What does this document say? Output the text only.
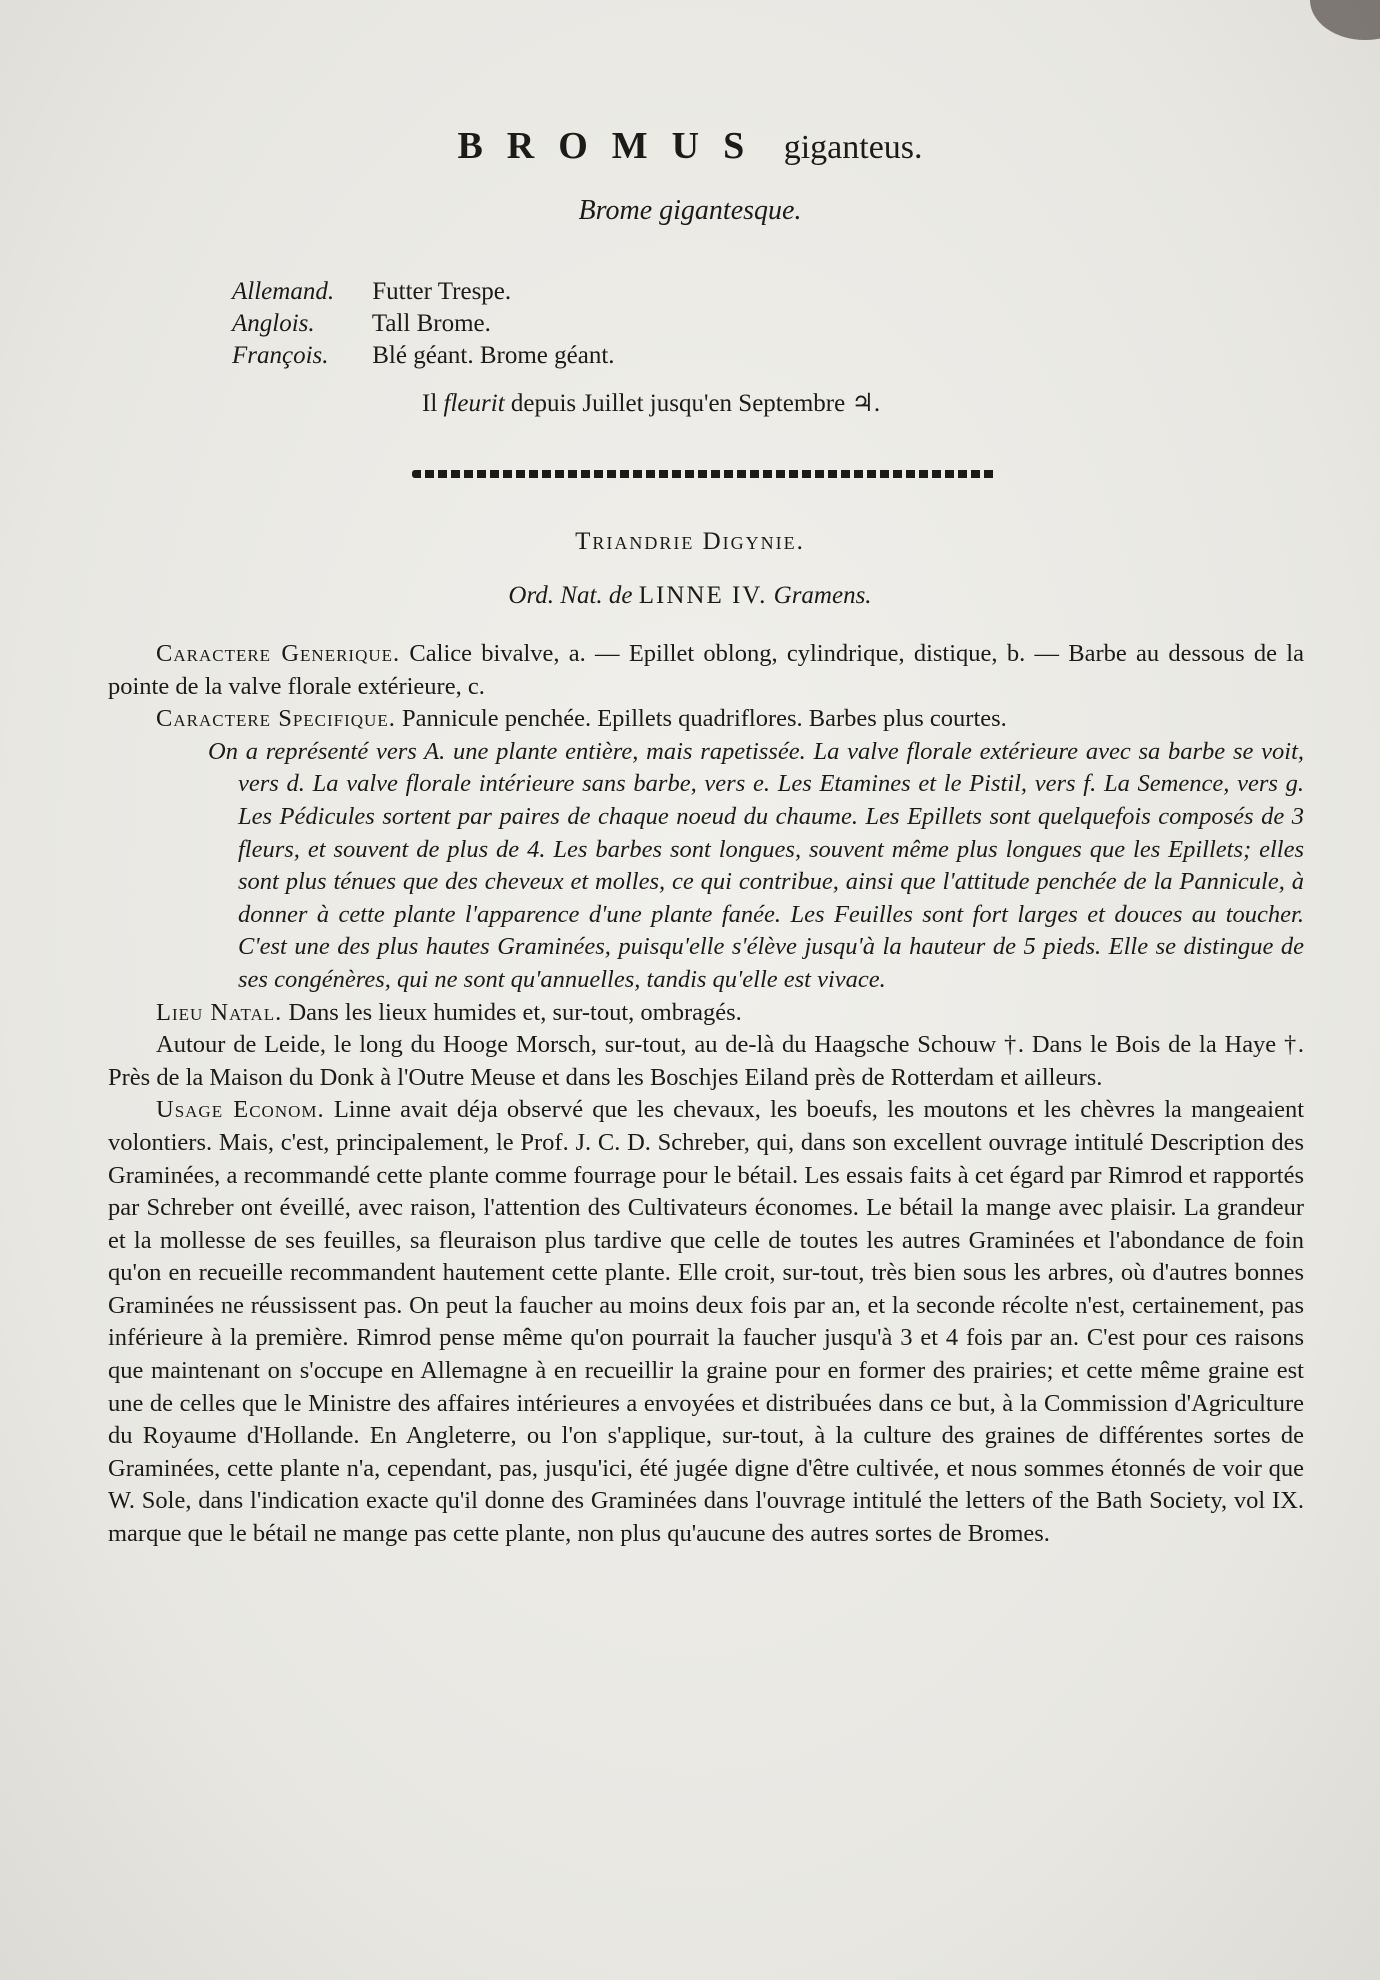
BROMUS giganteus.
Brome gigantesque.
Allemand. Futter Trespe.
Anglois. Tall Brome.
François. Blé géant. Brome géant.
Il fleurit depuis Juillet jusqu'en Septembre ♃.
Triandrie Digynie.
Ord. Nat. de LINNE IV. Gramens.

Caractere Generique. Calice bivalve, a. — Epillet oblong, cylindrique, distique, b. — Barbe au dessous de la pointe de la valve florale extérieure, c.

Caractere Specifique. Pannicule penchée. Epillets quadriflores. Barbes plus courtes.

On a représenté vers A. une plante entière, mais rapetissée. La valve florale extérieure avec sa barbe se voit, vers d. La valve florale intérieure sans barbe, vers e. Les Etamines et le Pistil, vers f. La Semence, vers g. Les Pédicules sortent par paires de chaque noeud du chaume. Les Epillets sont quelquefois composés de 3 fleurs, et souvent de plus de 4. Les barbes sont longues, souvent même plus longues que les Epillets; elles sont plus ténues que des cheveux et molles, ce qui contribue, ainsi que l'attitude penchée de la Pannicule, à donner à cette plante l'apparence d'une plante fanée. Les Feuilles sont fort larges et douces au toucher. C'est une des plus hautes Graminées, puisqu'elle s'élève jusqu'à la hauteur de 5 pieds. Elle se distingue de ses congénères, qui ne sont qu'annuelles, tandis qu'elle est vivace.

Lieu Natal. Dans les lieux humides et, sur-tout, ombragés.

Autour de Leide, le long du Hooge Morsch, sur-tout, au de-là du Haagsche Schouw †. Dans le Bois de la Haye †. Près de la Maison du Donk à l'Outre Meuse et dans les Boschjes Eiland près de Rotterdam et ailleurs.

Usage Econom. Linne avait déja observé que les chevaux, les boeufs, les moutons et les chèvres la mangeaient volontiers. Mais, c'est, principalement, le Prof. J. C. D. Schreber, qui, dans son excellent ouvrage intitulé Description des Graminées, a recommandé cette plante comme fourrage pour le bétail. Les essais faits à cet égard par Rimrod et rapportés par Schreber ont éveillé, avec raison, l'attention des Cultivateurs économes. Le bétail la mange avec plaisir. La grandeur et la mollesse de ses feuilles, sa fleuraison plus tardive que celle de toutes les autres Graminées et l'abondance de foin qu'on en recueille recommandent hautement cette plante. Elle croit, sur-tout, très bien sous les arbres, où d'autres bonnes Graminées ne réussissent pas. On peut la faucher au moins deux fois par an, et la seconde récolte n'est, certainement, pas inférieure à la première. Rimrod pense même qu'on pourrait la faucher jusqu'à 3 et 4 fois par an. C'est pour ces raisons que maintenant on s'occupe en Allemagne à en recueillir la graine pour en former des prairies; et cette même graine est une de celles que le Ministre des affaires intérieures a envoyées et distribuées dans ce but, à la Commission d'Agriculture du Royaume d'Hollande. En Angleterre, ou l'on s'applique, sur-tout, à la culture des graines de différentes sortes de Graminées, cette plante n'a, cependant, pas, jusqu'ici, été jugée digne d'être cultivée, et nous sommes étonnés de voir que W. Sole, dans l'indication exacte qu'il donne des Graminées dans l'ouvrage intitulé the letters of the Bath Society, vol IX. marque que le bétail ne mange pas cette plante, non plus qu'aucune des autres sortes de Bromes.
